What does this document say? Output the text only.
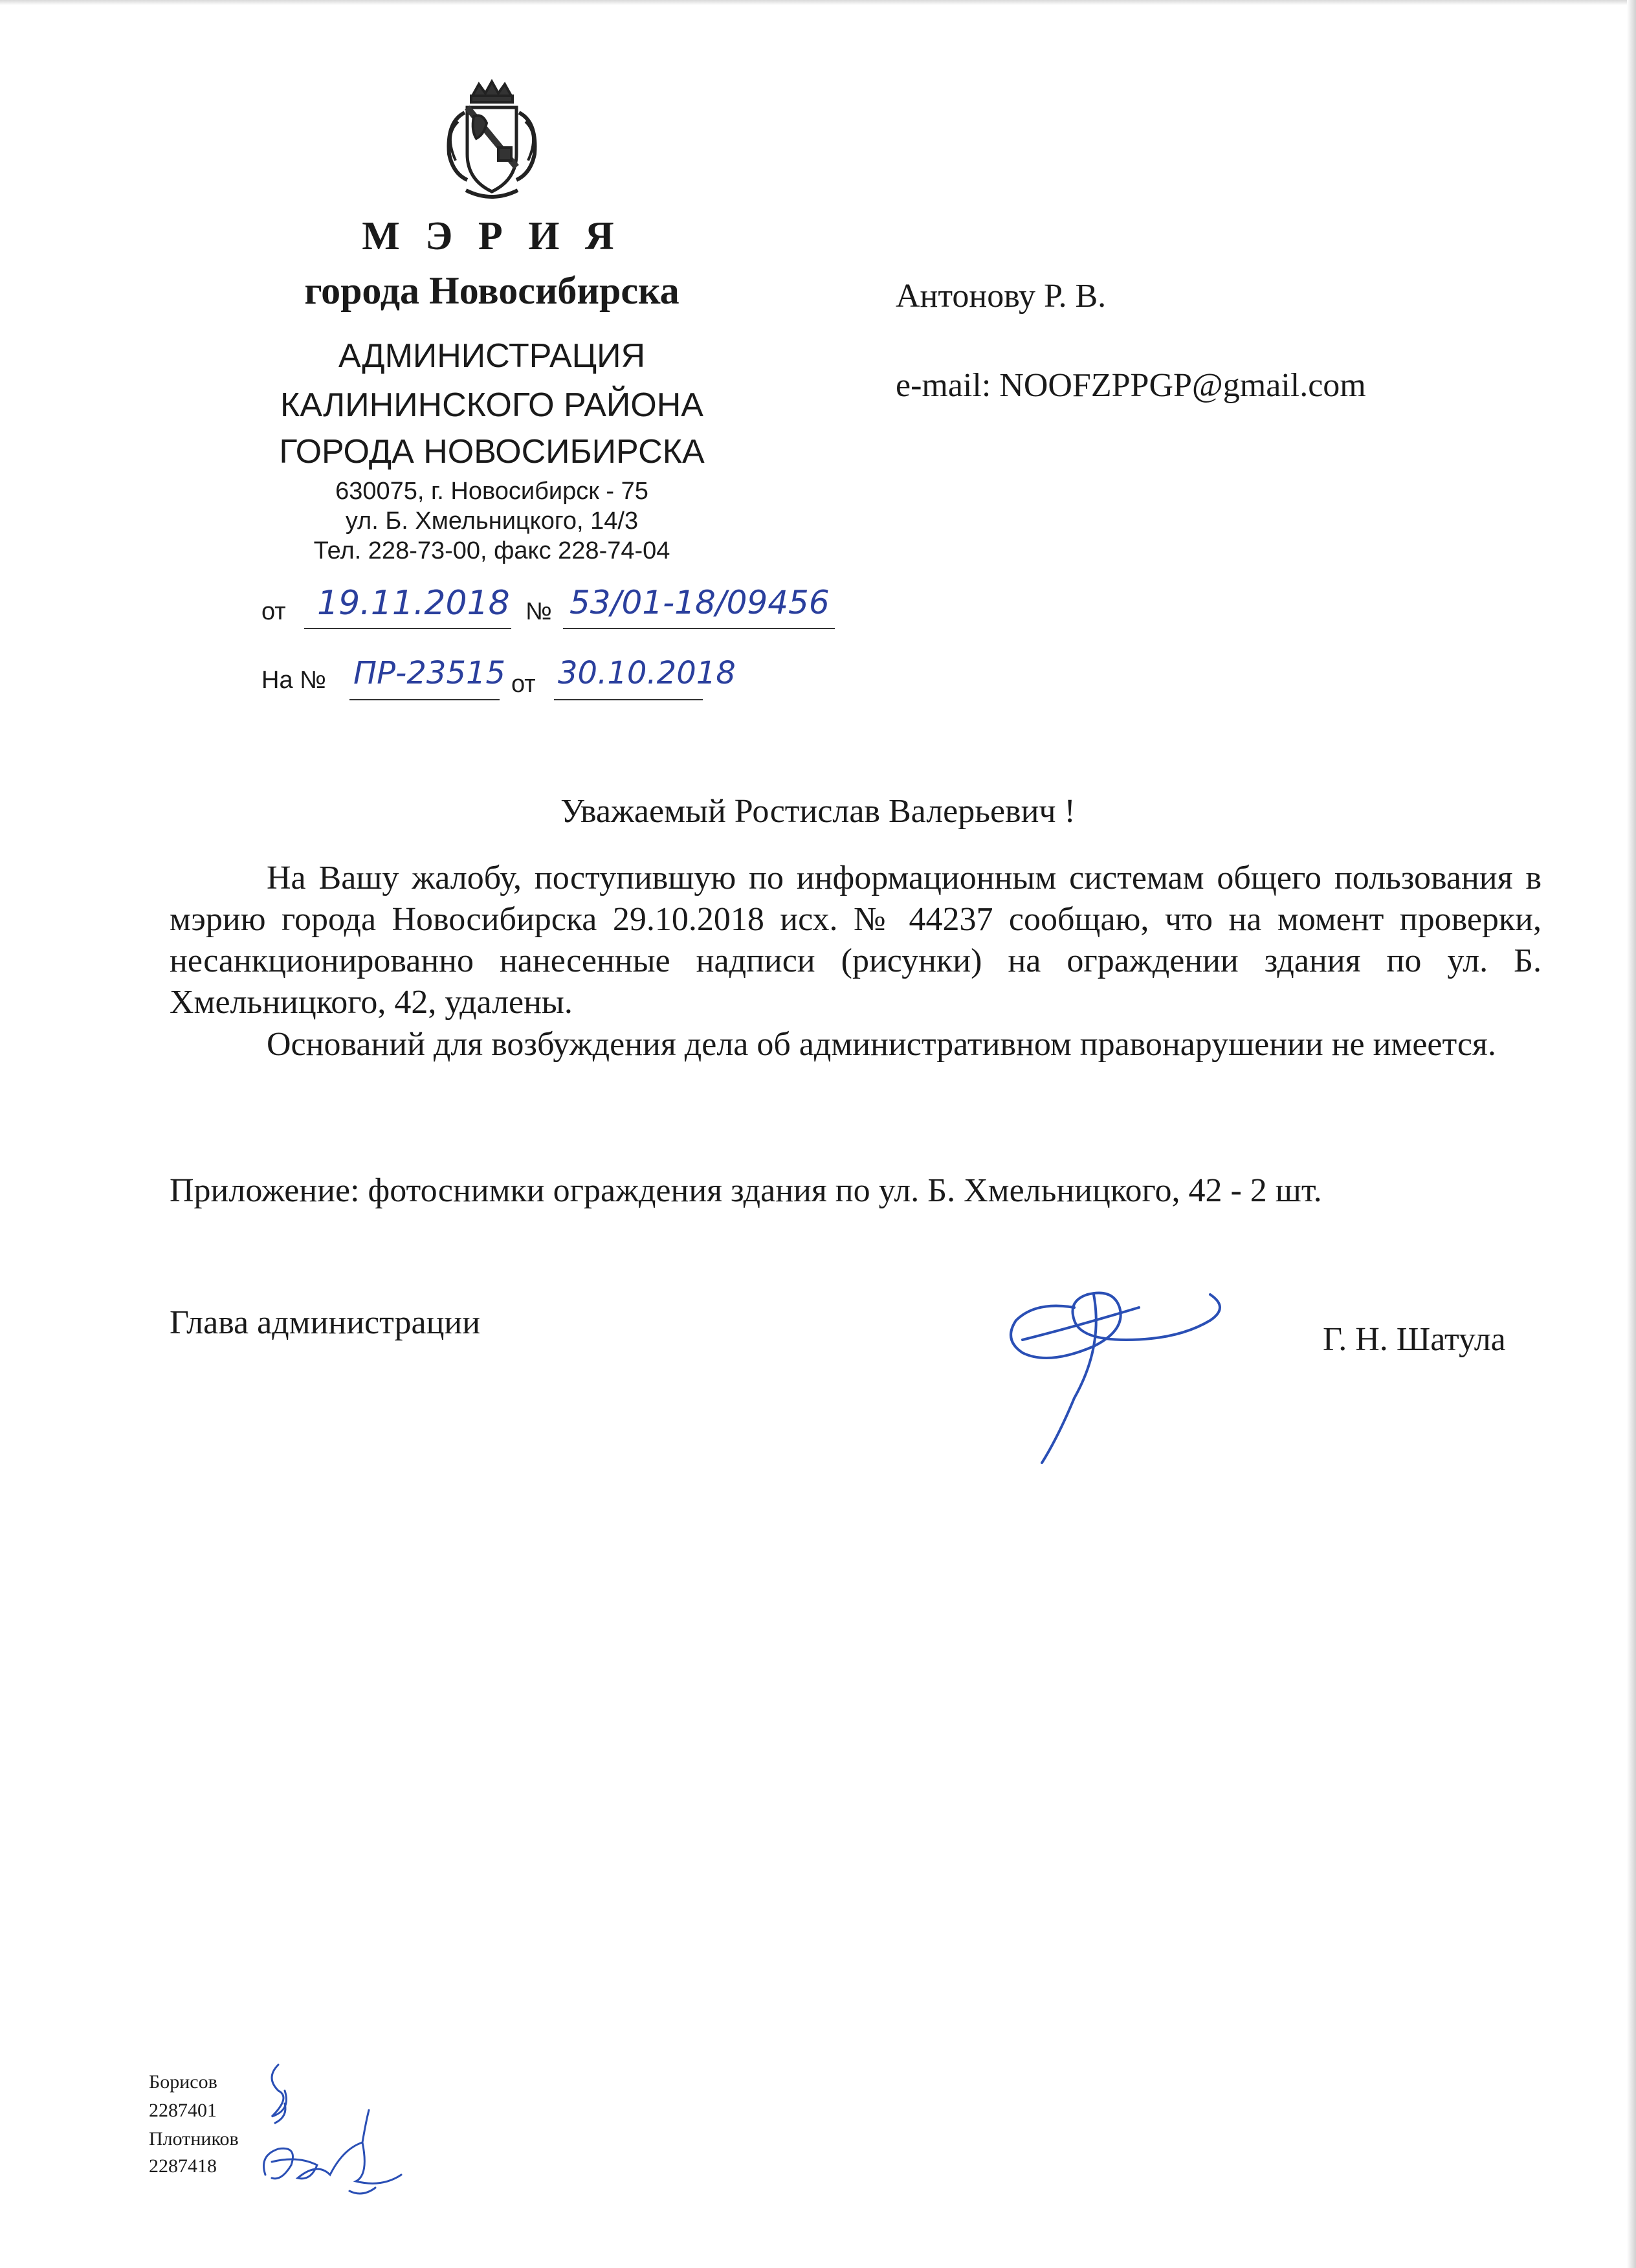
М Э Р И Я
города Новосибирска
АДМИНИСТРАЦИЯ
КАЛИНИНСКОГО РАЙОНА
ГОРОДА НОВОСИБИРСКА
630075, г. Новосибирск - 75
ул. Б. Хмельницкого, 14/3
Тел. 228-73-00, факс 228-74-04
от 19.11.2018 № 53/01-18/09456
На № ПР-23515 от 30.10.2018
Антонову Р. В.
e-mail: NOOFZPPGP@gmail.com
Уважаемый Ростислав Валерьевич !
На Вашу жалобу, поступившую по информационным системам общего пользования в мэрию города Новосибирска 29.10.2018 исх. № 44237 сообщаю, что на момент проверки, несанкционированно нанесенные надписи (рисунки) на ограждении здания по ул. Б. Хмельницкого, 42, удалены.
Оснований для возбуждения дела об административном правонарушении не имеется.
Приложение: фотоснимки ограждения здания по ул. Б. Хмельницкого, 42 - 2 шт.
Глава администрации	Г. Н. Шатула
Борисов
2287401
Плотников
2287418
